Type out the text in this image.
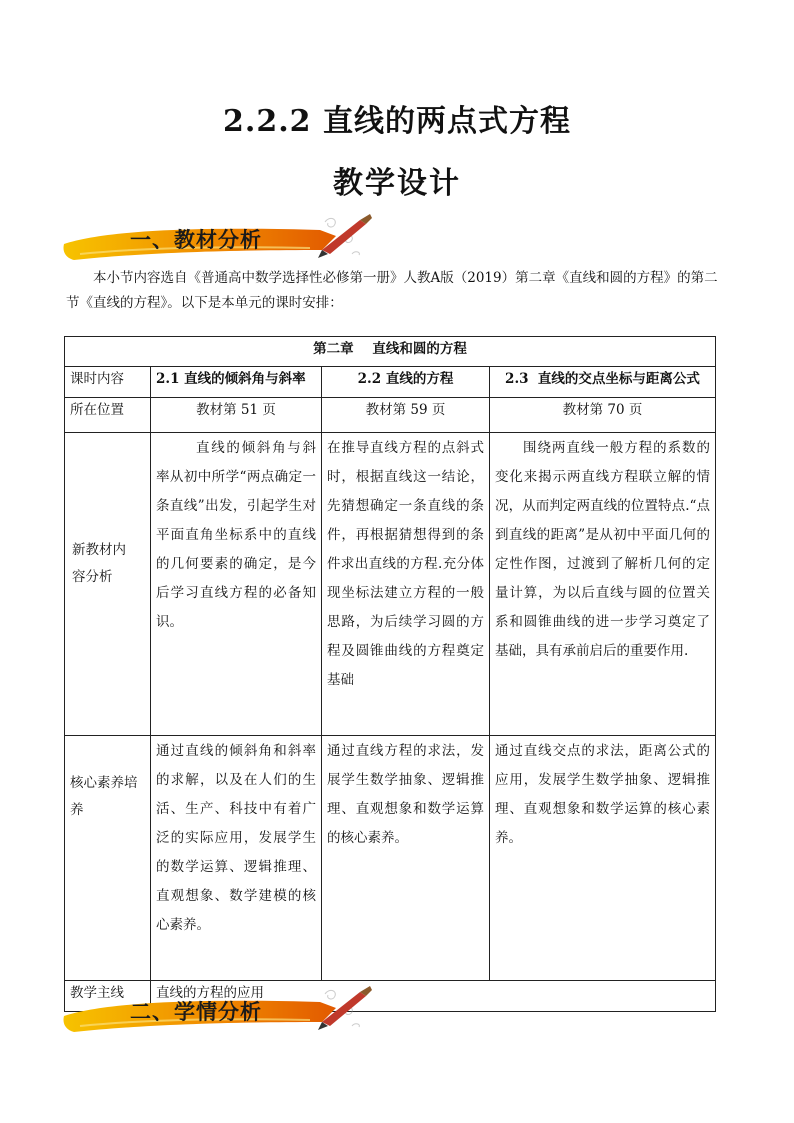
2.2.2 直线的两点式方程
教学设计
一、教材分析
本小节内容选自《普通高中数学选择性必修第一册》人教A版（2019）第二章《直线和圆的方程》的第二节《直线的方程》。以下是本单元的课时安排：
第二章    直线和圆的方程			
课时内容	2.1 直线的倾斜角与斜率	2.2 直线的方程	2.3  直线的交点坐标与距离公式
所在位置	教材第 51 页	教材第 59 页	教材第 70 页

新教材内容分析	直线的倾斜角与斜率从初中所学“两点确定一条直线”出发，引起学生对平面直角坐标系中的直线的几何要素的确定，是今后学习直线方程的必备知识。	在推导直线方程的点斜式时，根据直线这一结论，先猜想确定一条直线的条件，再根据猜想得到的条件求出直线的方程.充分体现坐标法建立方程的一般思路，为后续学习圆的方程及圆锥曲线的方程奠定基础	围绕两直线一般方程的系数的变化来揭示两直线方程联立解的情况，从而判定两直线的位置特点.“点到直线的距离”是从初中平面几何的定性作图，过渡到了解析几何的定量计算，为以后直线与圆的位置关系和圆锥曲线的进一步学习奠定了基础，具有承前启后的重要作用.

核心素养培养	通过直线的倾斜角和斜率的求解，以及在人们的生活、生产、科技中有着广泛的实际应用，发展学生的数学运算、逻辑推理、直观想象、数学建模的核心素养。	通过直线方程的求法，发展学生数学抽象、逻辑推理、直观想象和数学运算的核心素养。	通过直线交点的求法，距离公式的应用，发展学生数学抽象、逻辑推理、直观想象和数学运算的核心素养。

教学主线	直线的方程的应用		
二、学情分析
